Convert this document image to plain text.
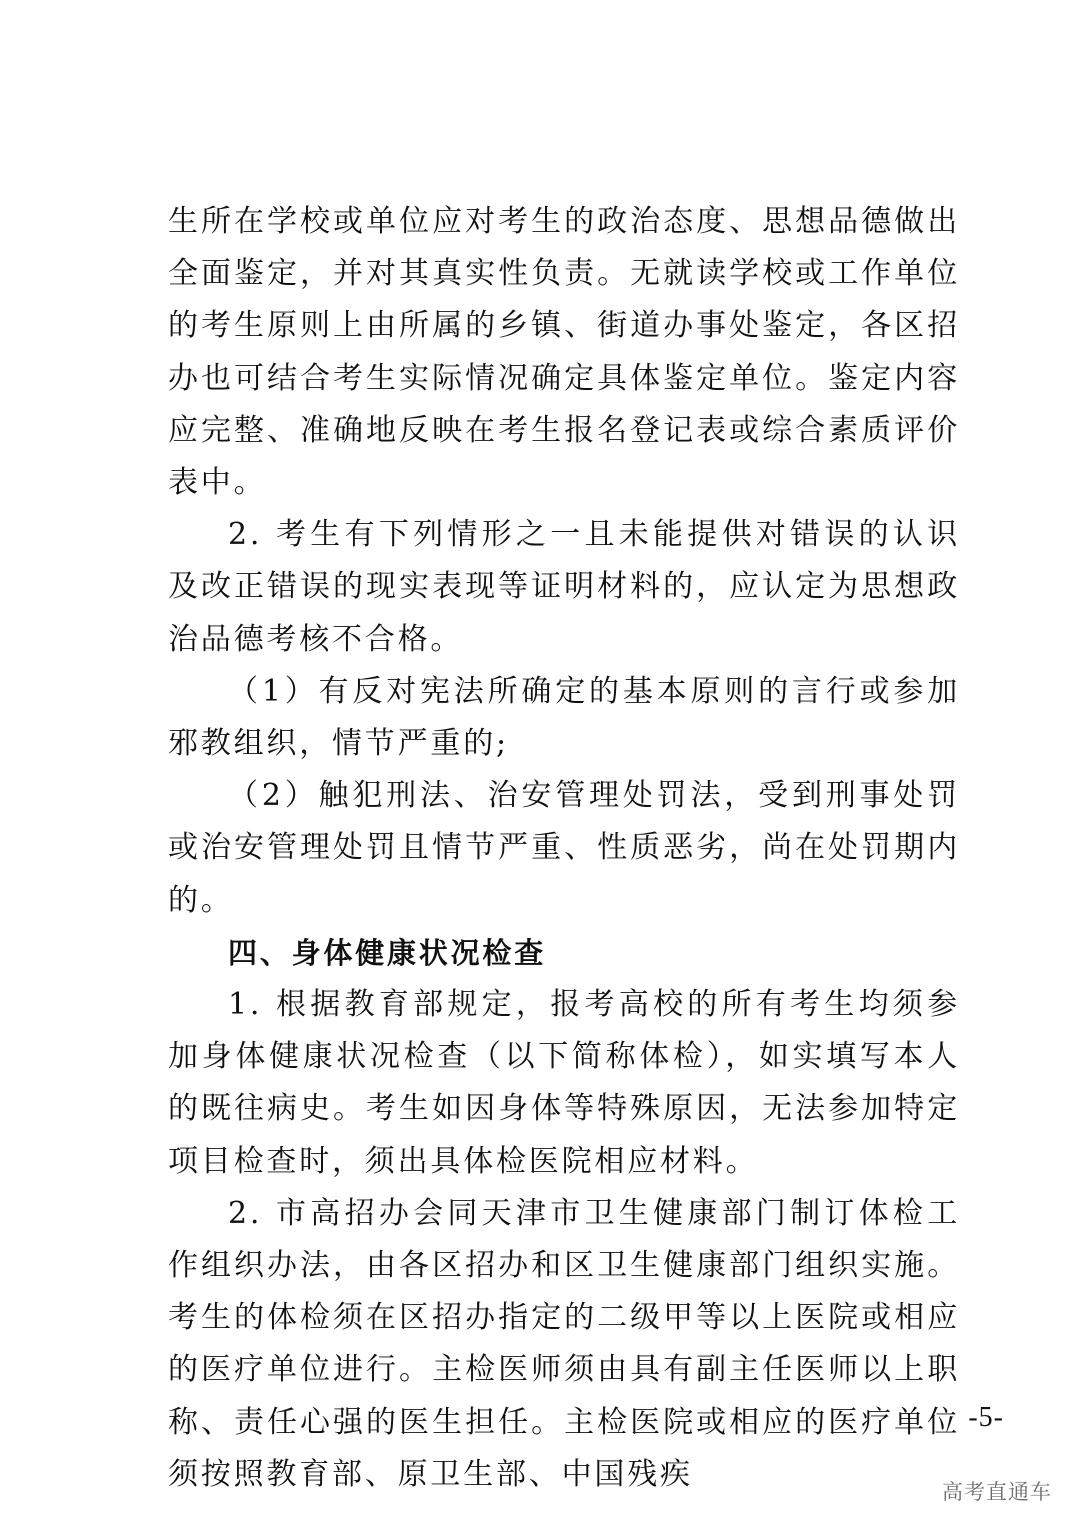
生所在学校或单位应对考生的政治态度、思想品德做出全面鉴定，并对其真实性负责。无就读学校或工作单位的考生原则上由所属的乡镇、街道办事处鉴定，各区招办也可结合考生实际情况确定具体鉴定单位。鉴定内容应完整、准确地反映在考生报名登记表或综合素质评价表中。

2. 考生有下列情形之一且未能提供对错误的认识及改正错误的现实表现等证明材料的，应认定为思想政治品德考核不合格。

（1）有反对宪法所确定的基本原则的言行或参加邪教组织，情节严重的;

（2）触犯刑法、治安管理处罚法，受到刑事处罚或治安管理处罚且情节严重、性质恶劣，尚在处罚期内的。

四、身体健康状况检查

1. 根据教育部规定，报考高校的所有考生均须参加身体健康状况检查（以下简称体检），如实填写本人的既往病史。考生如因身体等特殊原因，无法参加特定项目检查时，须出具体检医院相应材料。

2. 市高招办会同天津市卫生健康部门制订体检工作组织办法，由各区招办和区卫生健康部门组织实施。考生的体检须在区招办指定的二级甲等以上医院或相应的医疗单位进行。主检医师须由具有副主任医师以上职称、责任心强的医生担任。主检医院或相应的医疗单位须按照教育部、原卫生部、中国残疾

-5-
高考直通车
